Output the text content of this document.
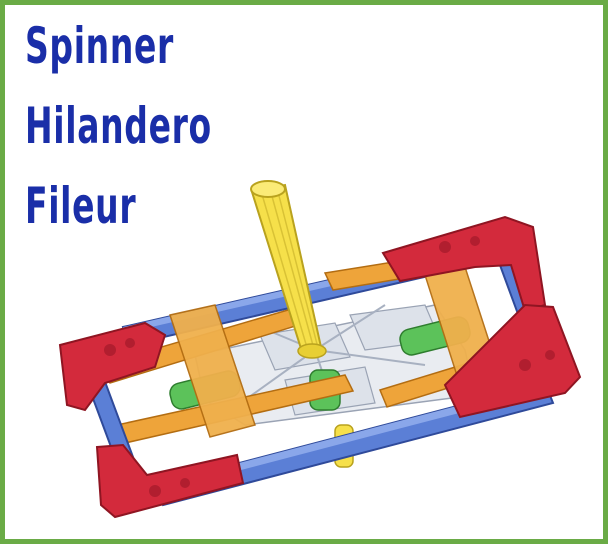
Spinner
Hilandero
Fileur
